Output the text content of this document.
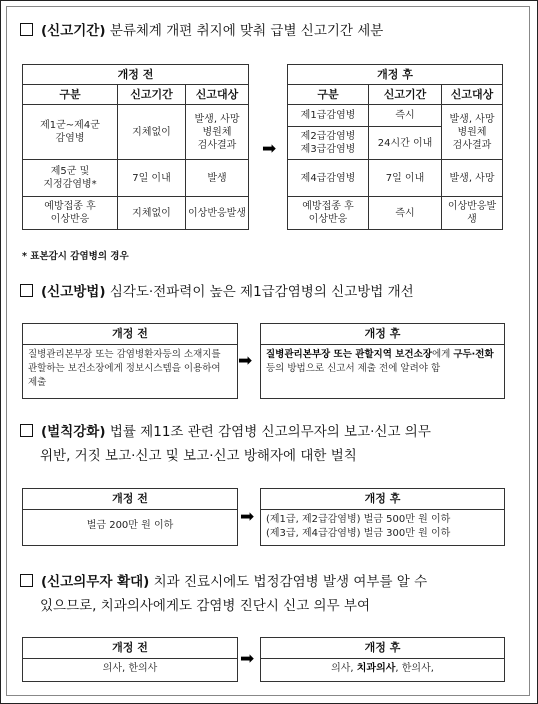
(신고기간) 분류체계 개편 취지에 맞춰 급별 신고기간 세분
개정 전		
구분	신고기간	신고대상
제1군~제4군
감염병	지체없이	발생, 사망
병원체
검사결과
제5군 및
지정감염병*	7일 이내	발생
예방접종 후
이상반응	지체없이	이상반응발생
➡
개정 후		
구분	신고기간	신고대상
제1급감염병	즉시	발생, 사망
병원체
검사결과
제2급감염병
제3급감염병	24시간 이내	
제4급감염병	7일 이내	발생, 사망
예방접종 후
이상반응	즉시	이상반응발생
* 표본감시 감염병의 경우
(신고방법) 심각도·전파력이 높은 제1급감염병의 신고방법 개선
개정 전
질병관리본부장 또는 감염병환자등의 소재지를 관할하는 보건소장에게 정보시스템을 이용하여 제출
➡
개정 후
질병관리본부장 또는 관할지역 보건소장에게 구두·전화 등의 방법으로 신고서 제출 전에 알려야 함
(벌칙강화) 법률 제11조 관련 감염병 신고의무자의 보고·신고 의무
위반, 거짓 보고·신고 및 보고·신고 방해자에 대한 벌칙
개정 전
벌금 200만 원 이하	➡
개정 후
(제1급, 제2급감염병) 벌금 500만 원 이하
(제3급, 제4급감염병) 벌금 300만 원 이하
(신고의무자 확대) 치과 진료시에도 법정감염병 발생 여부를 알 수
있으므로, 치과의사에게도 감염병 진단시 신고 의무 부여
개정 전
의사, 한의사	➡
개정 후
의사, 치과의사, 한의사,
